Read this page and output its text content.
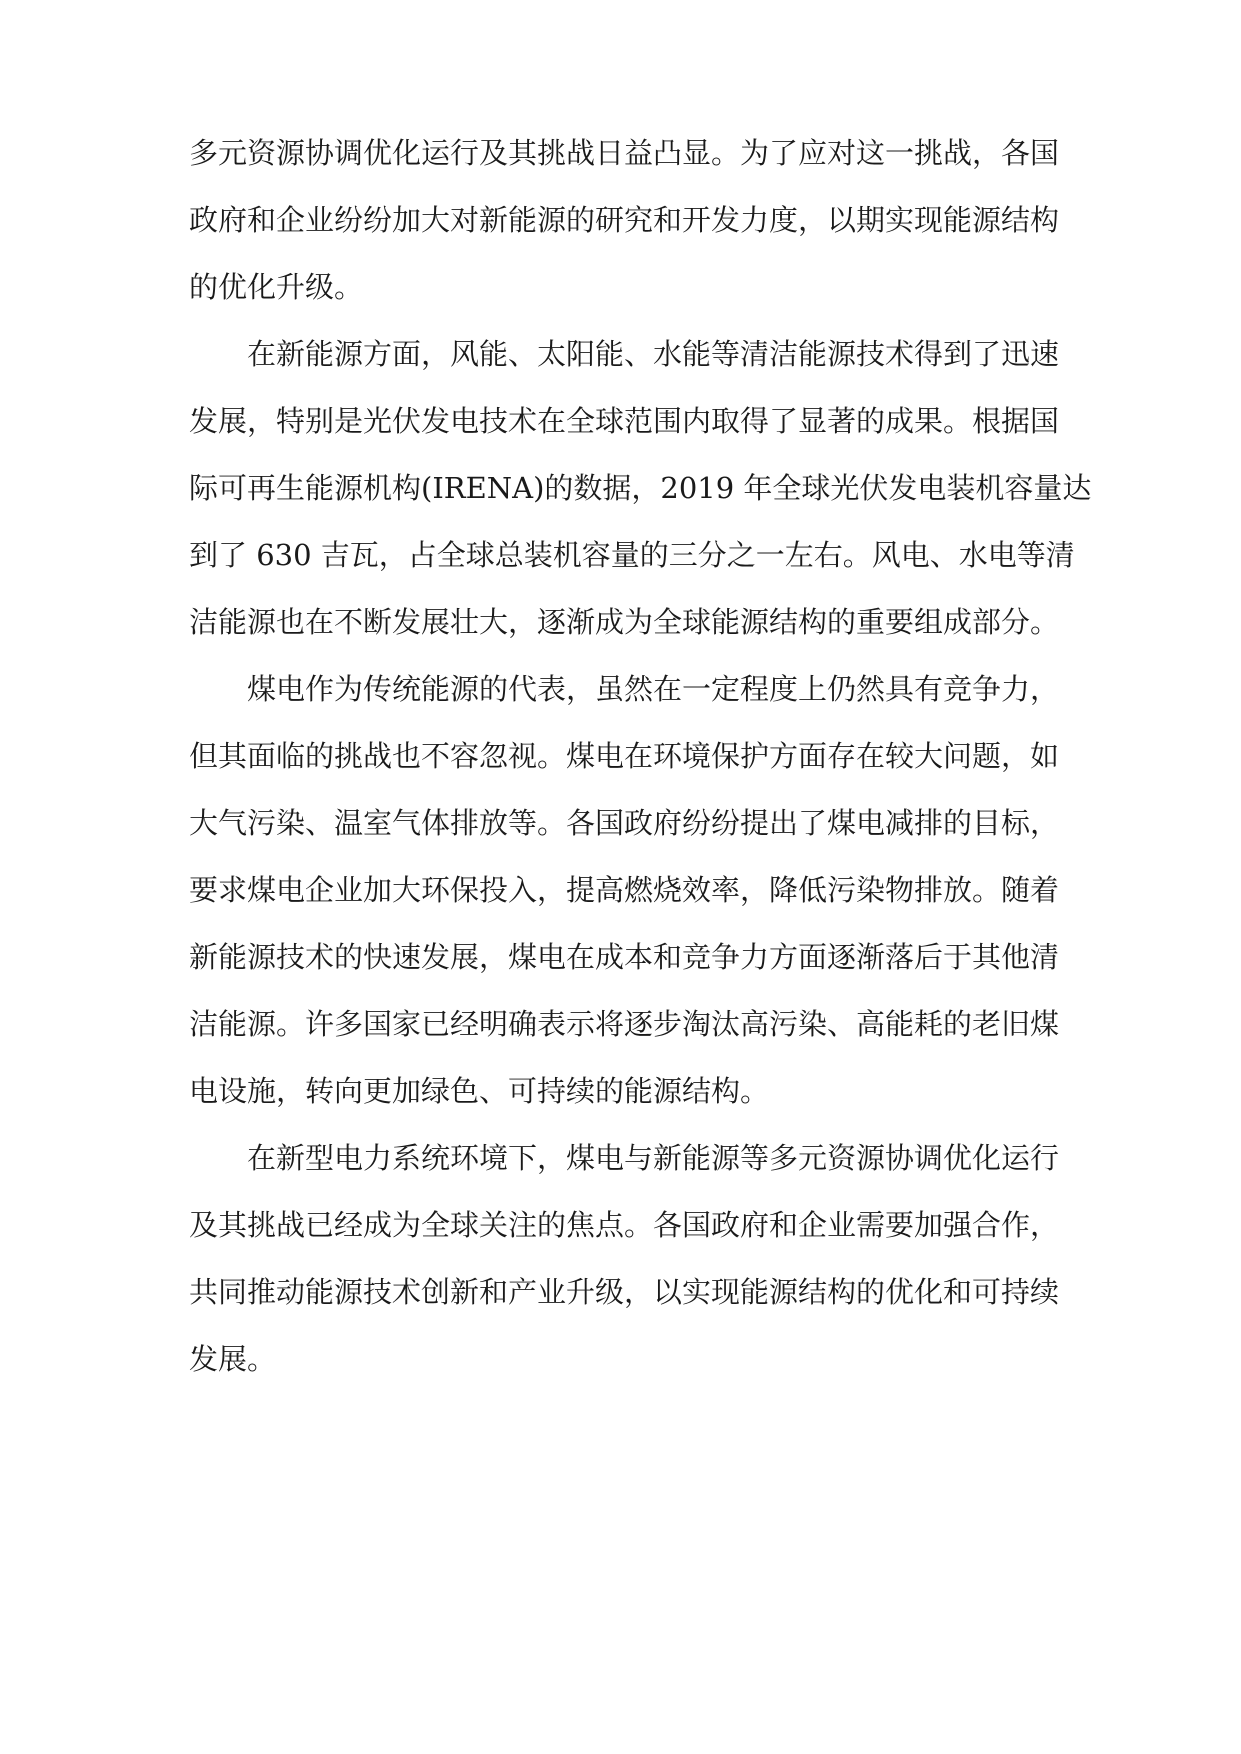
多元资源协调优化运行及其挑战日益凸显。为了应对这一挑战，各国
政府和企业纷纷加大对新能源的研究和开发力度，以期实现能源结构
的优化升级。
在新能源方面，风能、太阳能、水能等清洁能源技术得到了迅速
发展，特别是光伏发电技术在全球范围内取得了显著的成果。根据国
际可再生能源机构(IRENA)的数据，2019 年全球光伏发电装机容量达
到了 630 吉瓦，占全球总装机容量的三分之一左右。风电、水电等清
洁能源也在不断发展壮大，逐渐成为全球能源结构的重要组成部分。
煤电作为传统能源的代表，虽然在一定程度上仍然具有竞争力，
但其面临的挑战也不容忽视。煤电在环境保护方面存在较大问题，如
大气污染、温室气体排放等。各国政府纷纷提出了煤电减排的目标，
要求煤电企业加大环保投入，提高燃烧效率，降低污染物排放。随着
新能源技术的快速发展，煤电在成本和竞争力方面逐渐落后于其他清
洁能源。许多国家已经明确表示将逐步淘汰高污染、高能耗的老旧煤
电设施，转向更加绿色、可持续的能源结构。
在新型电力系统环境下，煤电与新能源等多元资源协调优化运行
及其挑战已经成为全球关注的焦点。各国政府和企业需要加强合作，
共同推动能源技术创新和产业升级，以实现能源结构的优化和可持续
发展。
